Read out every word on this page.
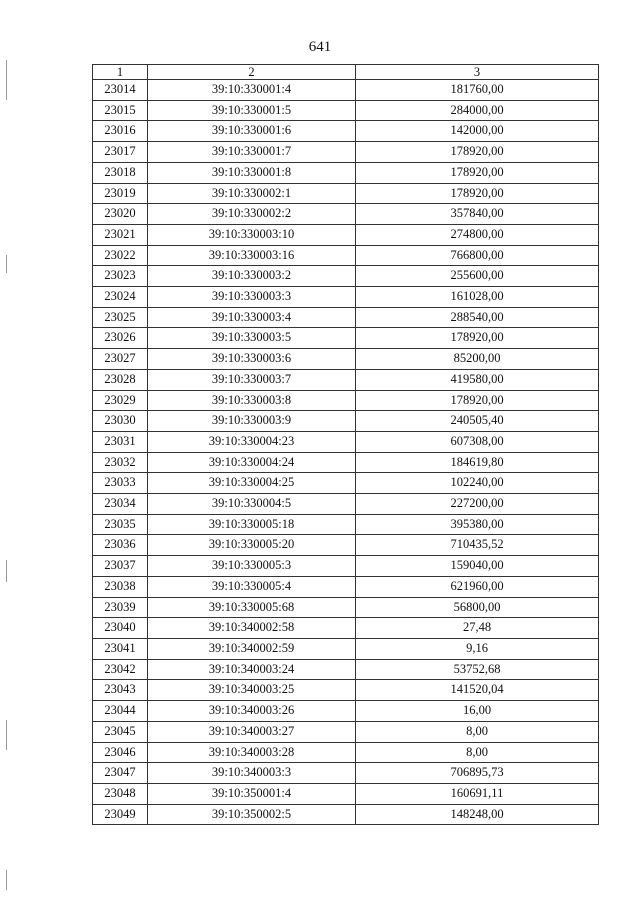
641
1	2	3
23014	39:10:330001:4	181760,00
23015	39:10:330001:5	284000,00
23016	39:10:330001:6	142000,00
23017	39:10:330001:7	178920,00
23018	39:10:330001:8	178920,00
23019	39:10:330002:1	178920,00
23020	39:10:330002:2	357840,00
23021	39:10:330003:10	274800,00
23022	39:10:330003:16	766800,00
23023	39:10:330003:2	255600,00
23024	39:10:330003:3	161028,00
23025	39:10:330003:4	288540,00
23026	39:10:330003:5	178920,00
23027	39:10:330003:6	85200,00
23028	39:10:330003:7	419580,00
23029	39:10:330003:8	178920,00
23030	39:10:330003:9	240505,40
23031	39:10:330004:23	607308,00
23032	39:10:330004:24	184619,80
23033	39:10:330004:25	102240,00
23034	39:10:330004:5	227200,00
23035	39:10:330005:18	395380,00
23036	39:10:330005:20	710435,52
23037	39:10:330005:3	159040,00
23038	39:10:330005:4	621960,00
23039	39:10:330005:68	56800,00
23040	39:10:340002:58	27,48
23041	39:10:340002:59	9,16
23042	39:10:340003:24	53752,68
23043	39:10:340003:25	141520,04
23044	39:10:340003:26	16,00
23045	39:10:340003:27	8,00
23046	39:10:340003:28	8,00
23047	39:10:340003:3	706895,73
23048	39:10:350001:4	160691,11
23049	39:10:350002:5	148248,00
